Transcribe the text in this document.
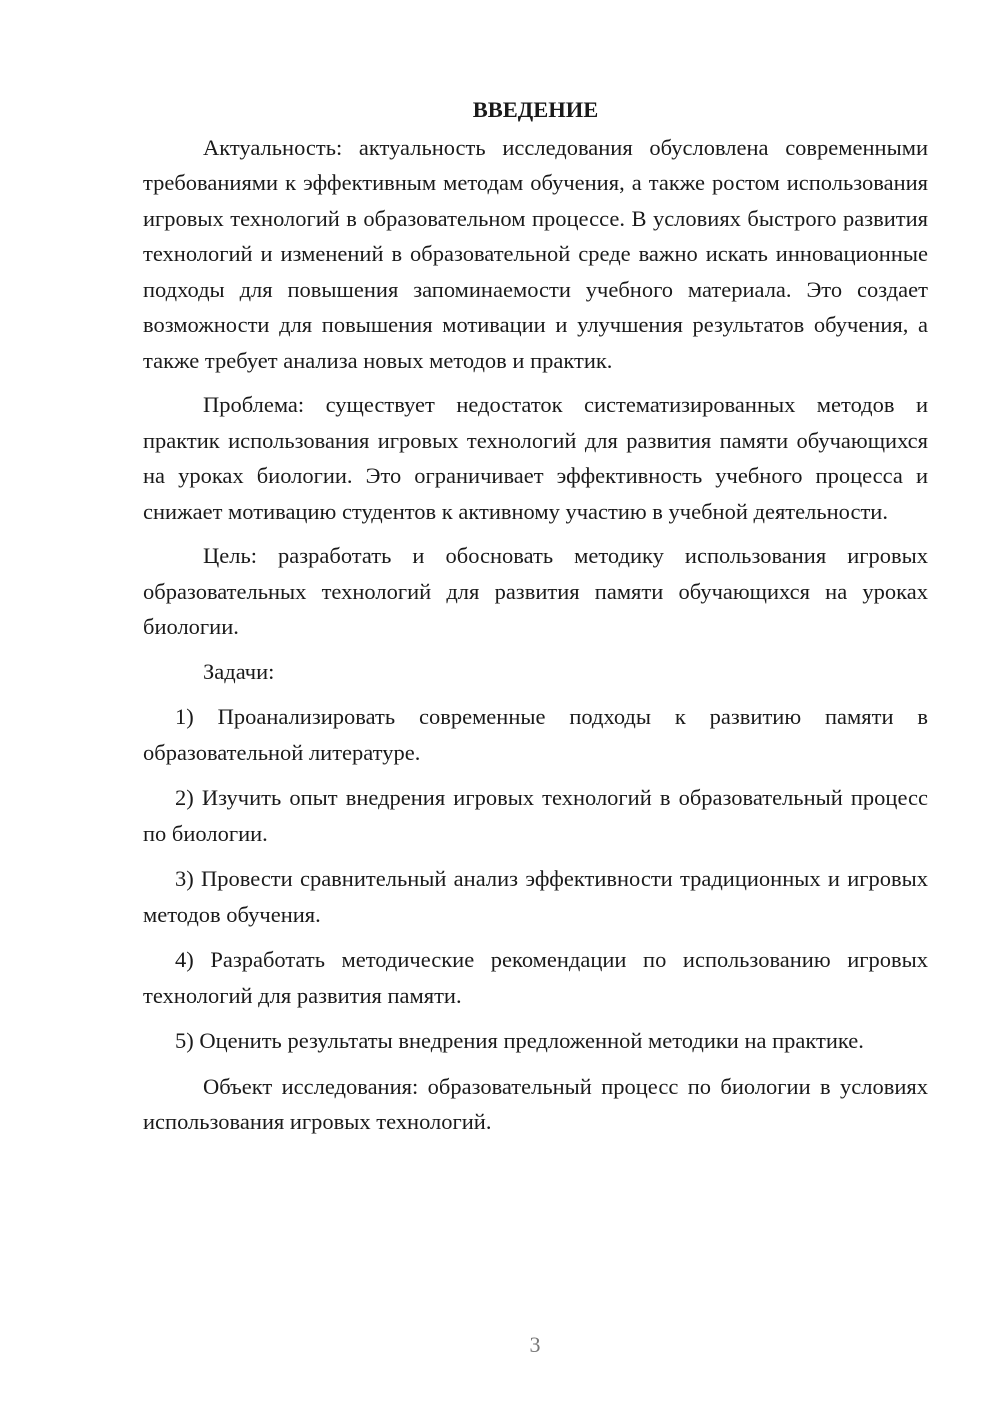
ВВЕДЕНИЕ

Актуальность: актуальность исследования обусловлена современными требованиями к эффективным методам обучения, а также ростом использования игровых технологий в образовательном процессе. В условиях быстрого развития технологий и изменений в образовательной среде важно искать инновационные подходы для повышения запоминаемости учебного материала. Это создает возможности для повышения мотивации и улучшения результатов обучения, а также требует анализа новых методов и практик.

Проблема: существует недостаток систематизированных методов и практик использования игровых технологий для развития памяти обучающихся на уроках биологии. Это ограничивает эффективность учебного процесса и снижает мотивацию студентов к активному участию в учебной деятельности.

Цель: разработать и обосновать методику использования игровых образовательных технологий для развития памяти обучающихся на уроках биологии.

Задачи:

1) Проанализировать современные подходы к развитию памяти в образовательной литературе.

2) Изучить опыт внедрения игровых технологий в образовательный процесс по биологии.

3) Провести сравнительный анализ эффективности традиционных и игровых методов обучения.

4) Разработать методические рекомендации по использованию игровых технологий для развития памяти.

5) Оценить результаты внедрения предложенной методики на практике.

Объект исследования: образовательный процесс по биологии в условиях использования игровых технологий.

3
